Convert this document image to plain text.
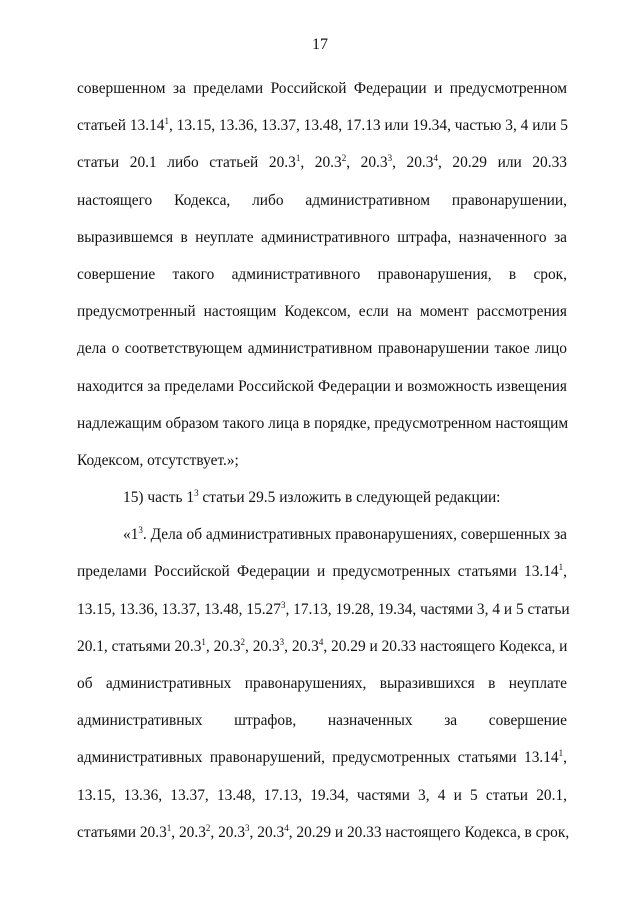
17
совершенном за пределами Российской Федерации и предусмотренном
статьей 13.14$^1$, 13.15, 13.36, 13.37, 13.48, 17.13 или 19.34, частью 3, 4 или 5
статьи 20.1 либо статьей 20.3$^1$, 20.3$^2$, 20.3$^3$, 20.3$^4$, 20.29 или 20.33
настоящего Кодекса, либо административном правонарушении,
выразившемся в неуплате административного штрафа, назначенного за
совершение такого административного правонарушения, в срок,
предусмотренный настоящим Кодексом, если на момент рассмотрения
дела о соответствующем административном правонарушении такое лицо
находится за пределами Российской Федерации и возможность извещения
надлежащим образом такого лица в порядке, предусмотренном настоящим
Кодексом, отсутствует.»;
15) часть $1^3$ статьи 29.5 изложить в следующей редакции:
«$1^3$. Дела об административных правонарушениях, совершенных за
пределами Российской Федерации и предусмотренных статьями 13.14$^1$,
13.15, 13.36, 13.37, 13.48, 15.27$^3$, 17.13, 19.28, 19.34, частями 3, 4 и 5 статьи
20.1, статьями 20.3$^1$, 20.3$^2$, 20.3$^3$, 20.3$^4$, 20.29 и 20.33 настоящего Кодекса, и
об административных правонарушениях, выразившихся в неуплате
административных штрафов, назначенных за совершение
административных правонарушений, предусмотренных статьями 13.14$^1$,
13.15, 13.36, 13.37, 13.48, 17.13, 19.34, частями 3, 4 и 5 статьи 20.1,
статьями 20.3$^1$, 20.3$^2$, 20.3$^3$, 20.3$^4$, 20.29 и 20.33 настоящего Кодекса, в срок,
